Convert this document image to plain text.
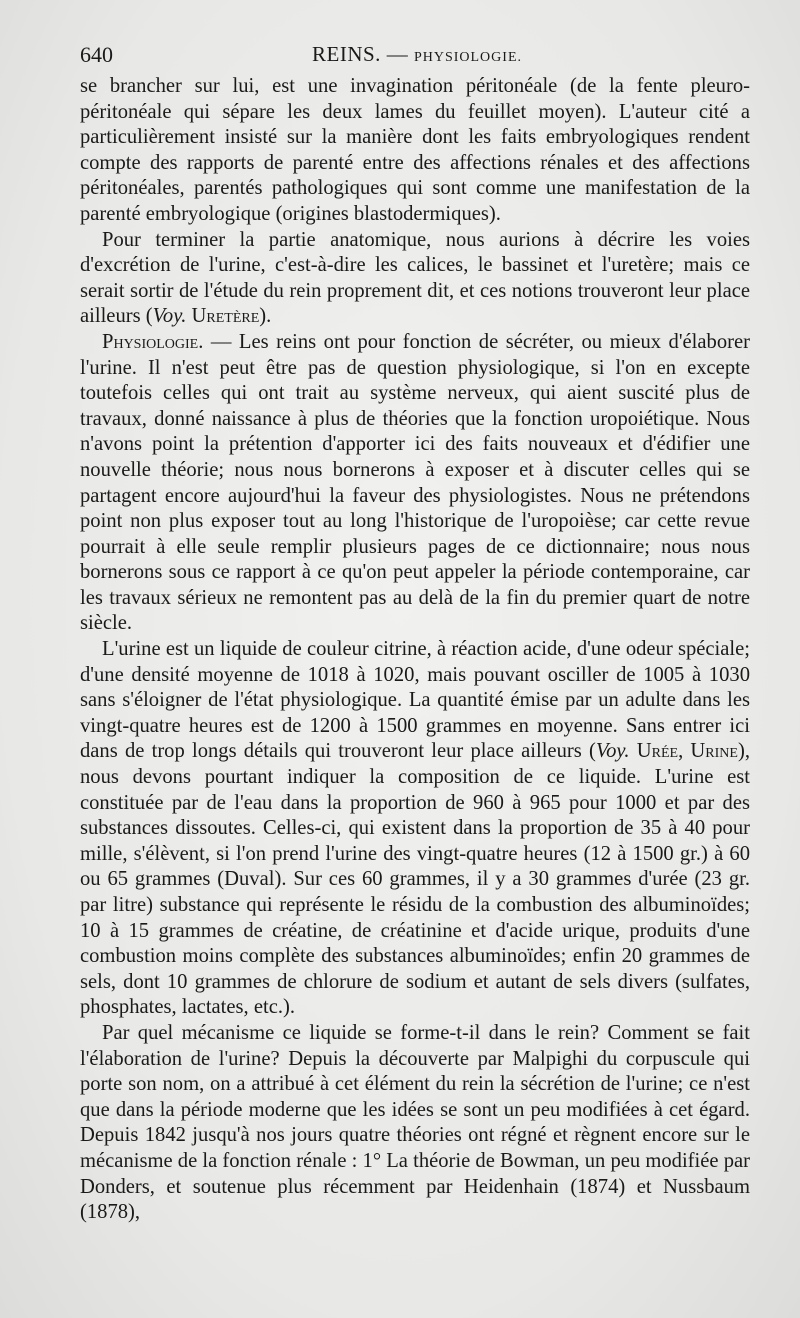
640	REINS. — PHYSIOLOGIE.

se brancher sur lui, est une invagination péritonéale (de la fente pleuro-péritonéale qui sépare les deux lames du feuillet moyen). L'auteur cité a particulièrement insisté sur la manière dont les faits embryologiques rendent compte des rapports de parenté entre des affections rénales et des affections péritonéales, parentés pathologiques qui sont comme une manifestation de la parenté embryologique (origines blastodermiques).

Pour terminer la partie anatomique, nous aurions à décrire les voies d'excrétion de l'urine, c'est-à-dire les calices, le bassinet et l'uretère; mais ce serait sortir de l'étude du rein proprement dit, et ces notions trouveront leur place ailleurs (Voy. Uretère).

Physiologie. — Les reins ont pour fonction de sécréter, ou mieux d'élaborer l'urine. Il n'est peut être pas de question physiologique, si l'on en excepte toutefois celles qui ont trait au système nerveux, qui aient suscité plus de travaux, donné naissance à plus de théories que la fonction uropoiétique. Nous n'avons point la prétention d'apporter ici des faits nouveaux et d'édifier une nouvelle théorie; nous nous bornerons à exposer et à discuter celles qui se partagent encore aujourd'hui la faveur des physiologistes. Nous ne prétendons point non plus exposer tout au long l'historique de l'uropoièse; car cette revue pourrait à elle seule remplir plusieurs pages de ce dictionnaire; nous nous bornerons sous ce rapport à ce qu'on peut appeler la période contemporaine, car les travaux sérieux ne remontent pas au delà de la fin du premier quart de notre siècle.

L'urine est un liquide de couleur citrine, à réaction acide, d'une odeur spéciale; d'une densité moyenne de 1018 à 1020, mais pouvant osciller de 1005 à 1030 sans s'éloigner de l'état physiologique. La quantité émise par un adulte dans les vingt-quatre heures est de 1200 à 1500 grammes en moyenne. Sans entrer ici dans de trop longs détails qui trouveront leur place ailleurs (Voy. Urée, Urine), nous devons pourtant indiquer la composition de ce liquide. L'urine est constituée par de l'eau dans la proportion de 960 à 965 pour 1000 et par des substances dissoutes. Celles-ci, qui existent dans la proportion de 35 à 40 pour mille, s'élèvent, si l'on prend l'urine des vingt-quatre heures (12 à 1500 gr.) à 60 ou 65 grammes (Duval). Sur ces 60 grammes, il y a 30 grammes d'urée (23 gr. par litre) substance qui représente le résidu de la combustion des albuminoïdes; 10 à 15 grammes de créatine, de créatinine et d'acide urique, produits d'une combustion moins complète des substances albuminoïdes; enfin 20 grammes de sels, dont 10 grammes de chlorure de sodium et autant de sels divers (sulfates, phosphates, lactates, etc.).

Par quel mécanisme ce liquide se forme-t-il dans le rein? Comment se fait l'élaboration de l'urine? Depuis la découverte par Malpighi du corpuscule qui porte son nom, on a attribué à cet élément du rein la sécrétion de l'urine; ce n'est que dans la période moderne que les idées se sont un peu modifiées à cet égard. Depuis 1842 jusqu'à nos jours quatre théories ont régné et règnent encore sur le mécanisme de la fonction rénale : 1° La théorie de Bowman, un peu modifiée par Donders, et soutenue plus récemment par Heidenhain (1874) et Nussbaum (1878),
